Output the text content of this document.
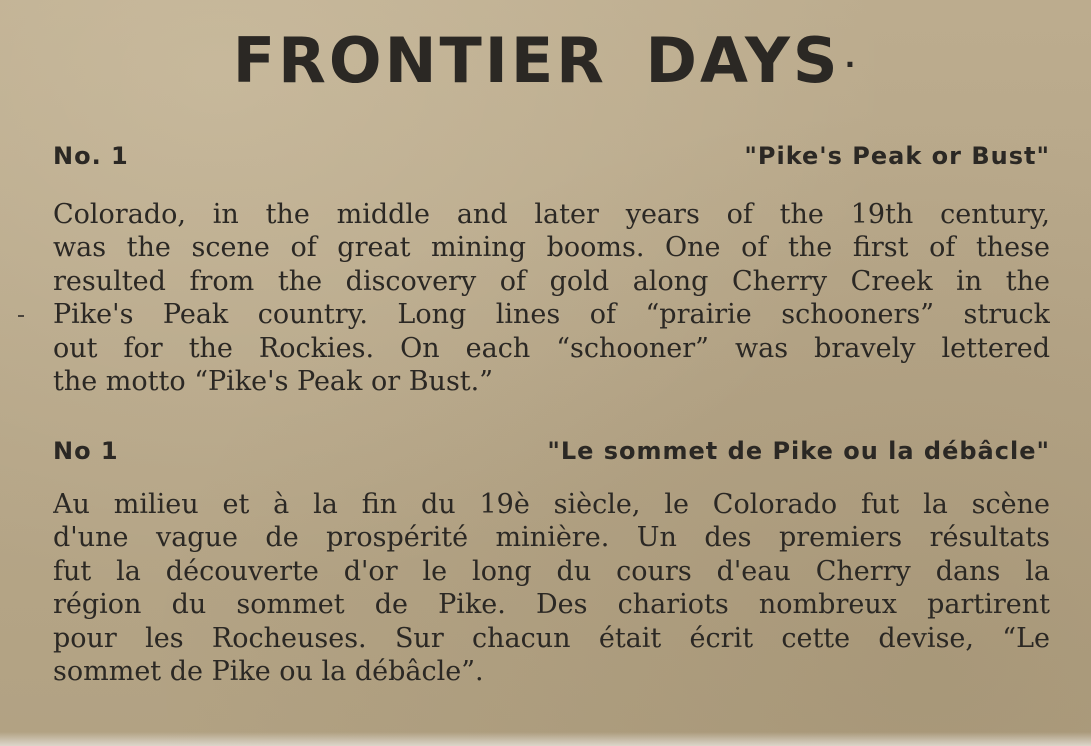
FRONTIER DAYS ·
No. 1	"Pike's Peak or Bust"
Colorado, in the middle and later years of the 19th century,
was the scene of great mining booms. One of the first of these
resulted from the discovery of gold along Cherry Creek in the
Pike's Peak country. Long lines of “prairie schooners” struck
out for the Rockies. On each “schooner” was bravely lettered
the motto “Pike's Peak or Bust.”
No 1	"Le sommet de Pike ou la débâcle"
Au milieu et à la fin du 19è siècle, le Colorado fut la scène
d'une vague de prospérité minière. Un des premiers résultats
fut la découverte d'or le long du cours d'eau Cherry dans la
région du sommet de Pike. Des chariots nombreux partirent
pour les Rocheuses. Sur chacun était écrit cette devise, “Le
sommet de Pike ou la débâcle”.
